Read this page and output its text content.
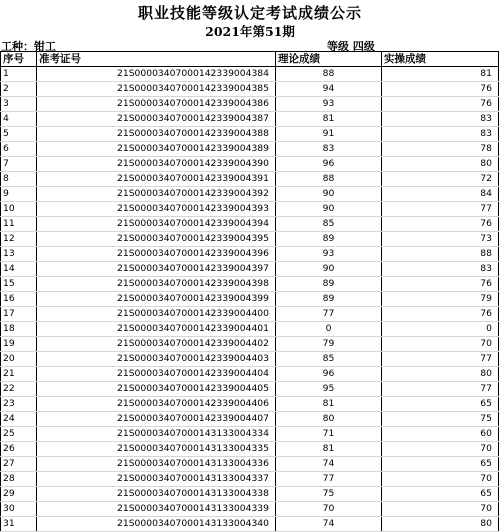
职业技能等级认定考试成绩公示
2021年第51期
工种：钳工	等级 四级
序号	准考证号	理论成绩	实操成绩
1	21S00003407000142339004384	88	81
2	21S00003407000142339004385	94	76
3	21S00003407000142339004386	93	76
4	21S00003407000142339004387	81	83
5	21S00003407000142339004388	91	83
6	21S00003407000142339004389	83	78
7	21S00003407000142339004390	96	80
8	21S00003407000142339004391	88	72
9	21S00003407000142339004392	90	84
10	21S00003407000142339004393	90	77
11	21S00003407000142339004394	85	76
12	21S00003407000142339004395	89	73
13	21S00003407000142339004396	93	88
14	21S00003407000142339004397	90	83
15	21S00003407000142339004398	89	76
16	21S00003407000142339004399	89	79
17	21S00003407000142339004400	77	76
18	21S00003407000142339004401	0	0
19	21S00003407000142339004402	79	70
20	21S00003407000142339004403	85	77
21	21S00003407000142339004404	96	80
22	21S00003407000142339004405	95	77
23	21S00003407000142339004406	81	65
24	21S00003407000142339004407	80	75
25	21S00003407000143133004334	71	60
26	21S00003407000143133004335	81	70
27	21S00003407000143133004336	74	65
28	21S00003407000143133004337	77	70
29	21S00003407000143133004338	75	65
30	21S00003407000143133004339	70	70
31	21S00003407000143133004340	74	80
